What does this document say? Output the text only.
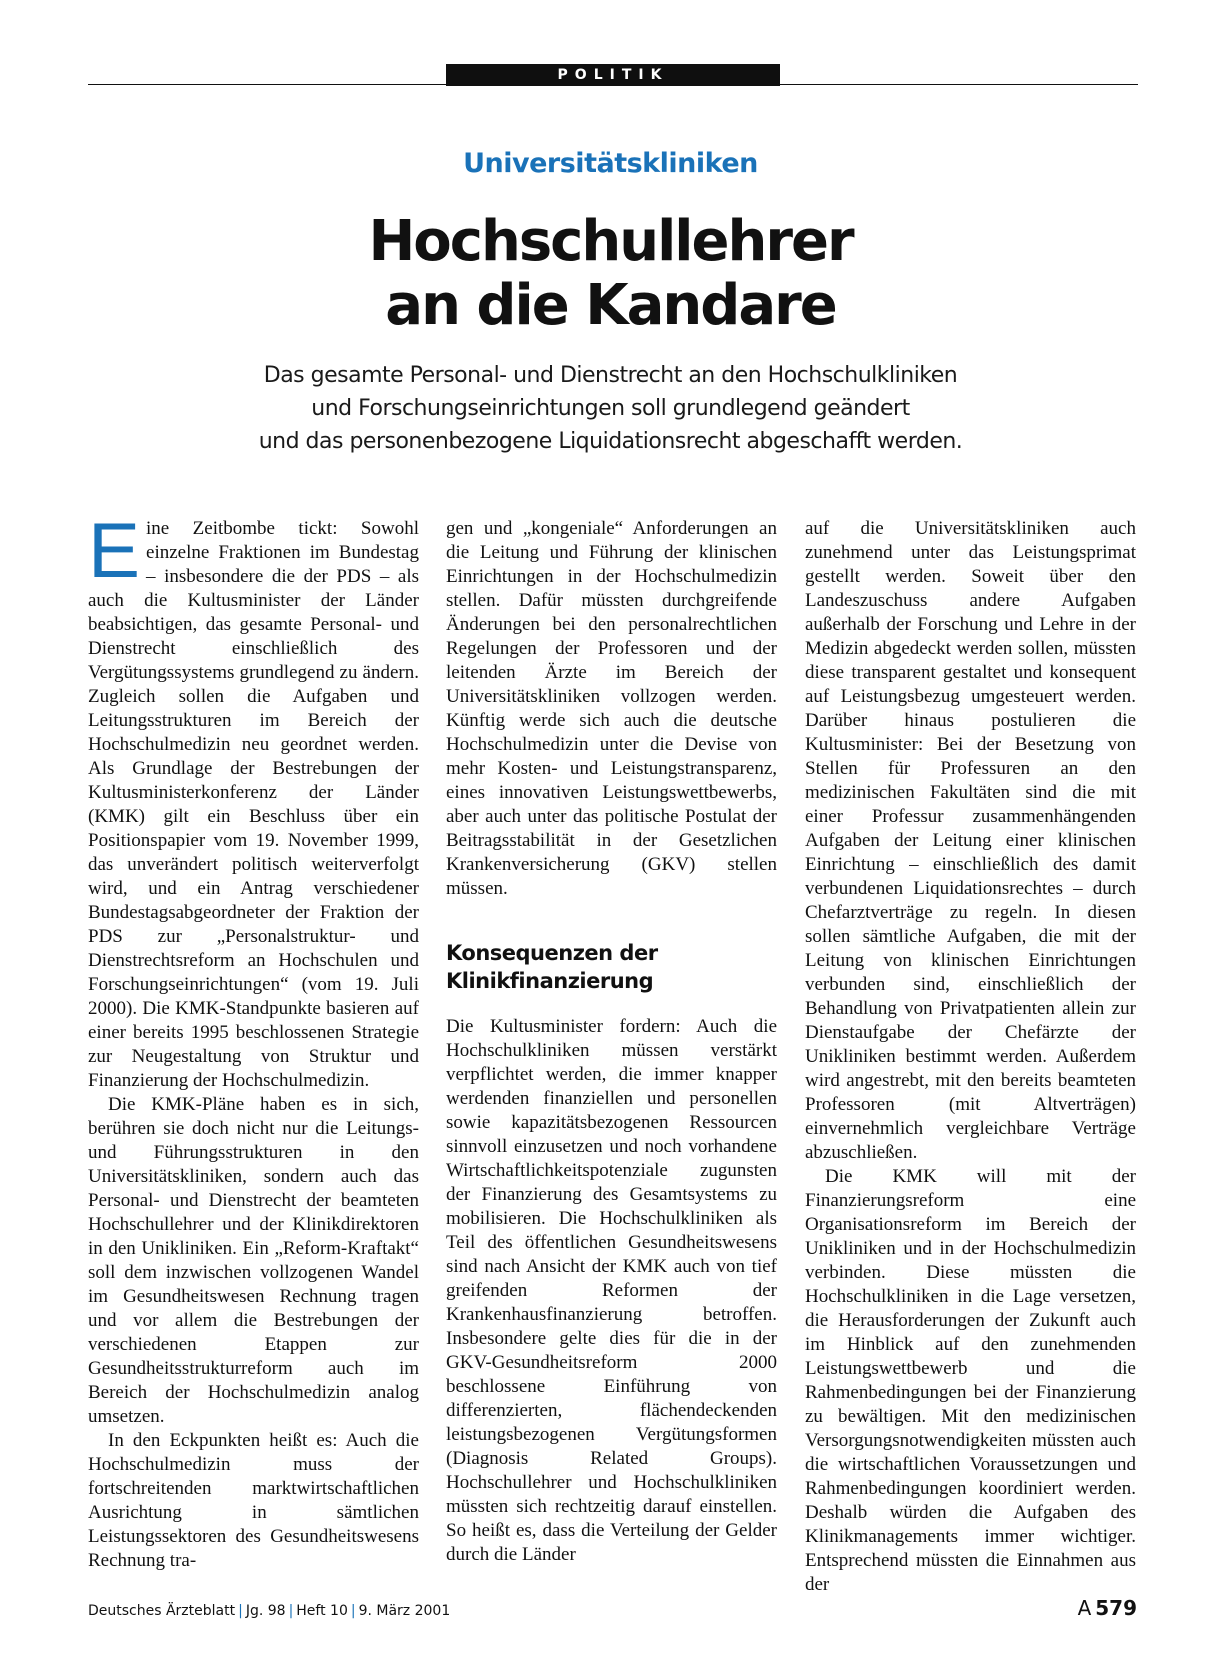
POLITIK
Universitätskliniken
Hochschullehrer
an die Kandare
Das gesamte Personal- und Dienstrecht an den Hochschulkliniken
und Forschungseinrichtungen soll grundlegend geändert
und das personenbezogene Liquidationsrecht abgeschafft werden.

Eine Zeitbombe tickt: Sowohl einzelne Fraktionen im Bundestag – insbesondere die der PDS – als auch die Kultusminister der Länder beabsichtigen, das gesamte Personal- und Dienstrecht einschließlich des Vergütungssystems grundlegend zu ändern. Zugleich sollen die Aufgaben und Leitungsstrukturen im Bereich der Hochschulmedizin neu geordnet werden. Als Grundlage der Bestrebungen der Kultusministerkonferenz der Länder (KMK) gilt ein Beschluss über ein Positionspapier vom 19. November 1999, das unverändert politisch weiterverfolgt wird, und ein Antrag verschiedener Bundestagsabgeordneter der Fraktion der PDS zur „Personalstruktur- und Dienstrechtsreform an Hochschulen und Forschungseinrichtungen“ (vom 19. Juli 2000). Die KMK-Standpunkte basieren auf einer bereits 1995 beschlossenen Strategie zur Neugestaltung von Struktur und Finanzierung der Hochschulmedizin.

Die KMK-Pläne haben es in sich, berühren sie doch nicht nur die Leitungs- und Führungsstrukturen in den Universitätskliniken, sondern auch das Personal- und Dienstrecht der beamteten Hochschullehrer und der Klinikdirektoren in den Unikliniken. Ein „Reform-Kraftakt“ soll dem inzwischen vollzogenen Wandel im Gesundheitswesen Rechnung tragen und vor allem die Bestrebungen der verschiedenen Etappen zur Gesundheitsstrukturreform auch im Bereich der Hochschulmedizin analog umsetzen.

In den Eckpunkten heißt es: Auch die Hochschulmedizin muss der fortschreitenden marktwirtschaftlichen Ausrichtung in sämtlichen Leistungssektoren des Gesundheitswesens Rechnung tra-

gen und „kongeniale“ Anforderungen an die Leitung und Führung der klinischen Einrichtungen in der Hochschulmedizin stellen. Dafür müssten durchgreifende Änderungen bei den personalrechtlichen Regelungen der Professoren und der leitenden Ärzte im Bereich der Universitätskliniken vollzogen werden. Künftig werde sich auch die deutsche Hochschulmedizin unter die Devise von mehr Kosten- und Leistungstransparenz, eines innovativen Leistungswettbewerbs, aber auch unter das politische Postulat der Beitragsstabilität in der Gesetzlichen Krankenversicherung (GKV) stellen müssen.

Konsequenzen der
Klinikfinanzierung

Die Kultusminister fordern: Auch die Hochschulkliniken müssen verstärkt verpflichtet werden, die immer knapper werdenden finanziellen und personellen sowie kapazitätsbezogenen Ressourcen sinnvoll einzusetzen und noch vorhandene Wirtschaftlichkeitspotenziale zugunsten der Finanzierung des Gesamtsystems zu mobilisieren. Die Hochschulkliniken als Teil des öffentlichen Gesundheitswesens sind nach Ansicht der KMK auch von tief greifenden Reformen der Krankenhausfinanzierung betroffen. Insbesondere gelte dies für die in der GKV-Gesundheitsreform 2000 beschlossene Einführung von differenzierten, flächendeckenden leistungsbezogenen Vergütungsformen (Diagnosis Related Groups). Hochschullehrer und Hochschulkliniken müssten sich rechtzeitig darauf einstellen. So heißt es, dass die Verteilung der Gelder durch die Länder

auf die Universitätskliniken auch zunehmend unter das Leistungsprimat gestellt werden. Soweit über den Landeszuschuss andere Aufgaben außerhalb der Forschung und Lehre in der Medizin abgedeckt werden sollen, müssten diese transparent gestaltet und konsequent auf Leistungsbezug umgesteuert werden. Darüber hinaus postulieren die Kultusminister: Bei der Besetzung von Stellen für Professuren an den medizinischen Fakultäten sind die mit einer Professur zusammenhängenden Aufgaben der Leitung einer klinischen Einrichtung – einschließlich des damit verbundenen Liquidationsrechtes – durch Chefarztverträge zu regeln. In diesen sollen sämtliche Aufgaben, die mit der Leitung von klinischen Einrichtungen verbunden sind, einschließlich der Behandlung von Privatpatienten allein zur Dienstaufgabe der Chefärzte der Unikliniken bestimmt werden. Außerdem wird angestrebt, mit den bereits beamteten Professoren (mit Altverträgen) einvernehmlich vergleichbare Verträge abzuschließen.

Die KMK will mit der Finanzierungsreform eine Organisationsreform im Bereich der Unikliniken und in der Hochschulmedizin verbinden. Diese müssten die Hochschulkliniken in die Lage versetzen, die Herausforderungen der Zukunft auch im Hinblick auf den zunehmenden Leistungswettbewerb und die Rahmenbedingungen bei der Finanzierung zu bewältigen. Mit den medizinischen Versorgungsnotwendigkeiten müssten auch die wirtschaftlichen Voraussetzungen und Rahmenbedingungen koordiniert werden. Deshalb würden die Aufgaben des Klinikmanagements immer wichtiger. Entsprechend müssten die Einnahmen aus der

Deutsches Ärzteblatt | Jg. 98 | Heft 10 | 9. März 2001	A 579
